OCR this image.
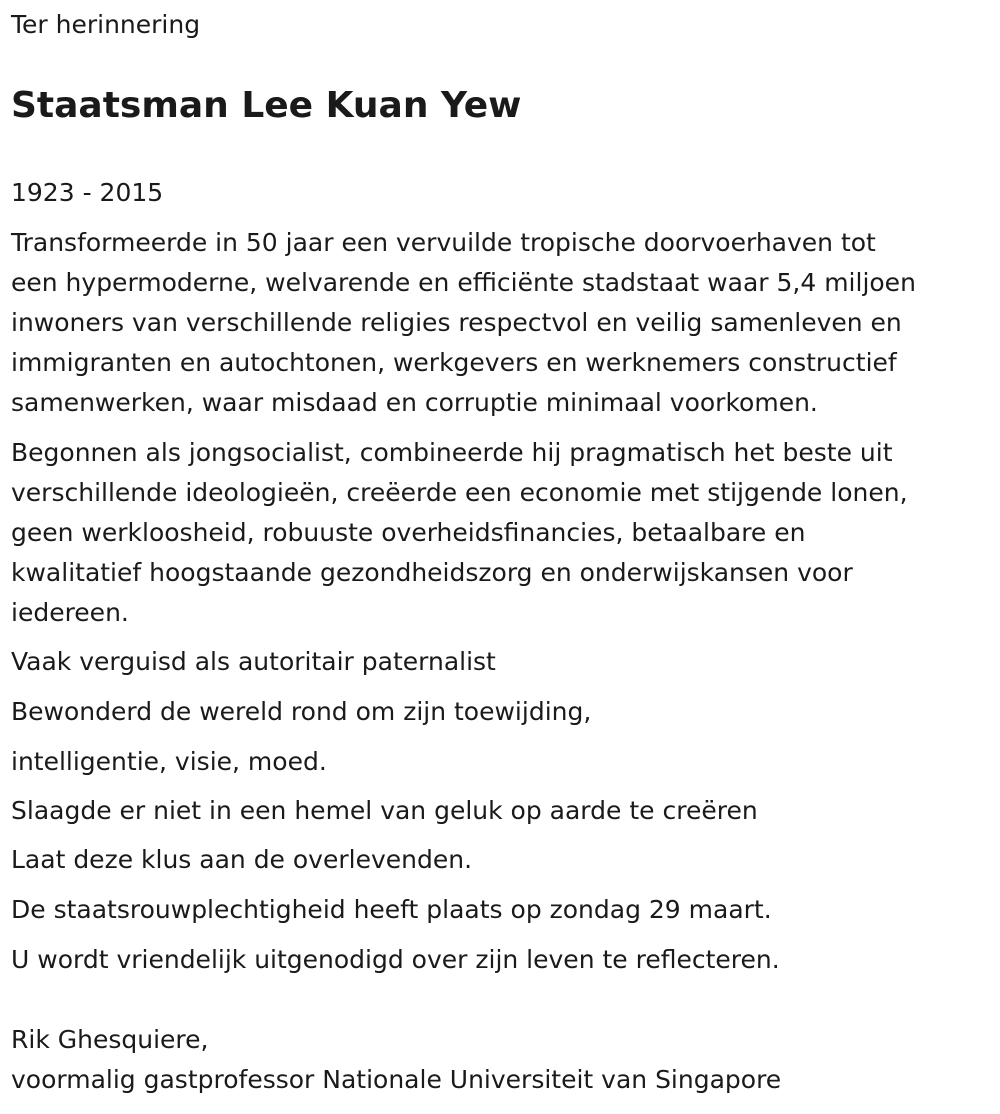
Ter herinnering
Staatsman Lee Kuan Yew
1923 - 2015

Transformeerde in 50 jaar een vervuilde tropische doorvoerhaven tot
een hypermoderne, welvarende en efficiënte stadstaat waar 5,4 miljoen
inwoners van verschillende religies respectvol en veilig samenleven en
immigranten en autochtonen, werkgevers en werknemers constructief
samenwerken, waar misdaad en corruptie minimaal voorkomen.

Begonnen als jongsocialist, combineerde hij pragmatisch het beste uit
verschillende ideologieën, creëerde een economie met stijgende lonen,
geen werkloosheid, robuuste overheidsfinancies, betaalbare en
kwalitatief hoogstaande gezondheidszorg en onderwijskansen voor
iedereen.

Vaak verguisd als autoritair paternalist
Bewonderd de wereld rond om zijn toewijding,
intelligentie, visie, moed.
Slaagde er niet in een hemel van geluk op aarde te creëren
Laat deze klus aan de overlevenden.
De staatsrouwplechtigheid heeft plaats op zondag 29 maart.
U wordt vriendelijk uitgenodigd over zijn leven te reflecteren.
Rik Ghesquiere,
voormalig gastprofessor Nationale Universiteit van Singapore
